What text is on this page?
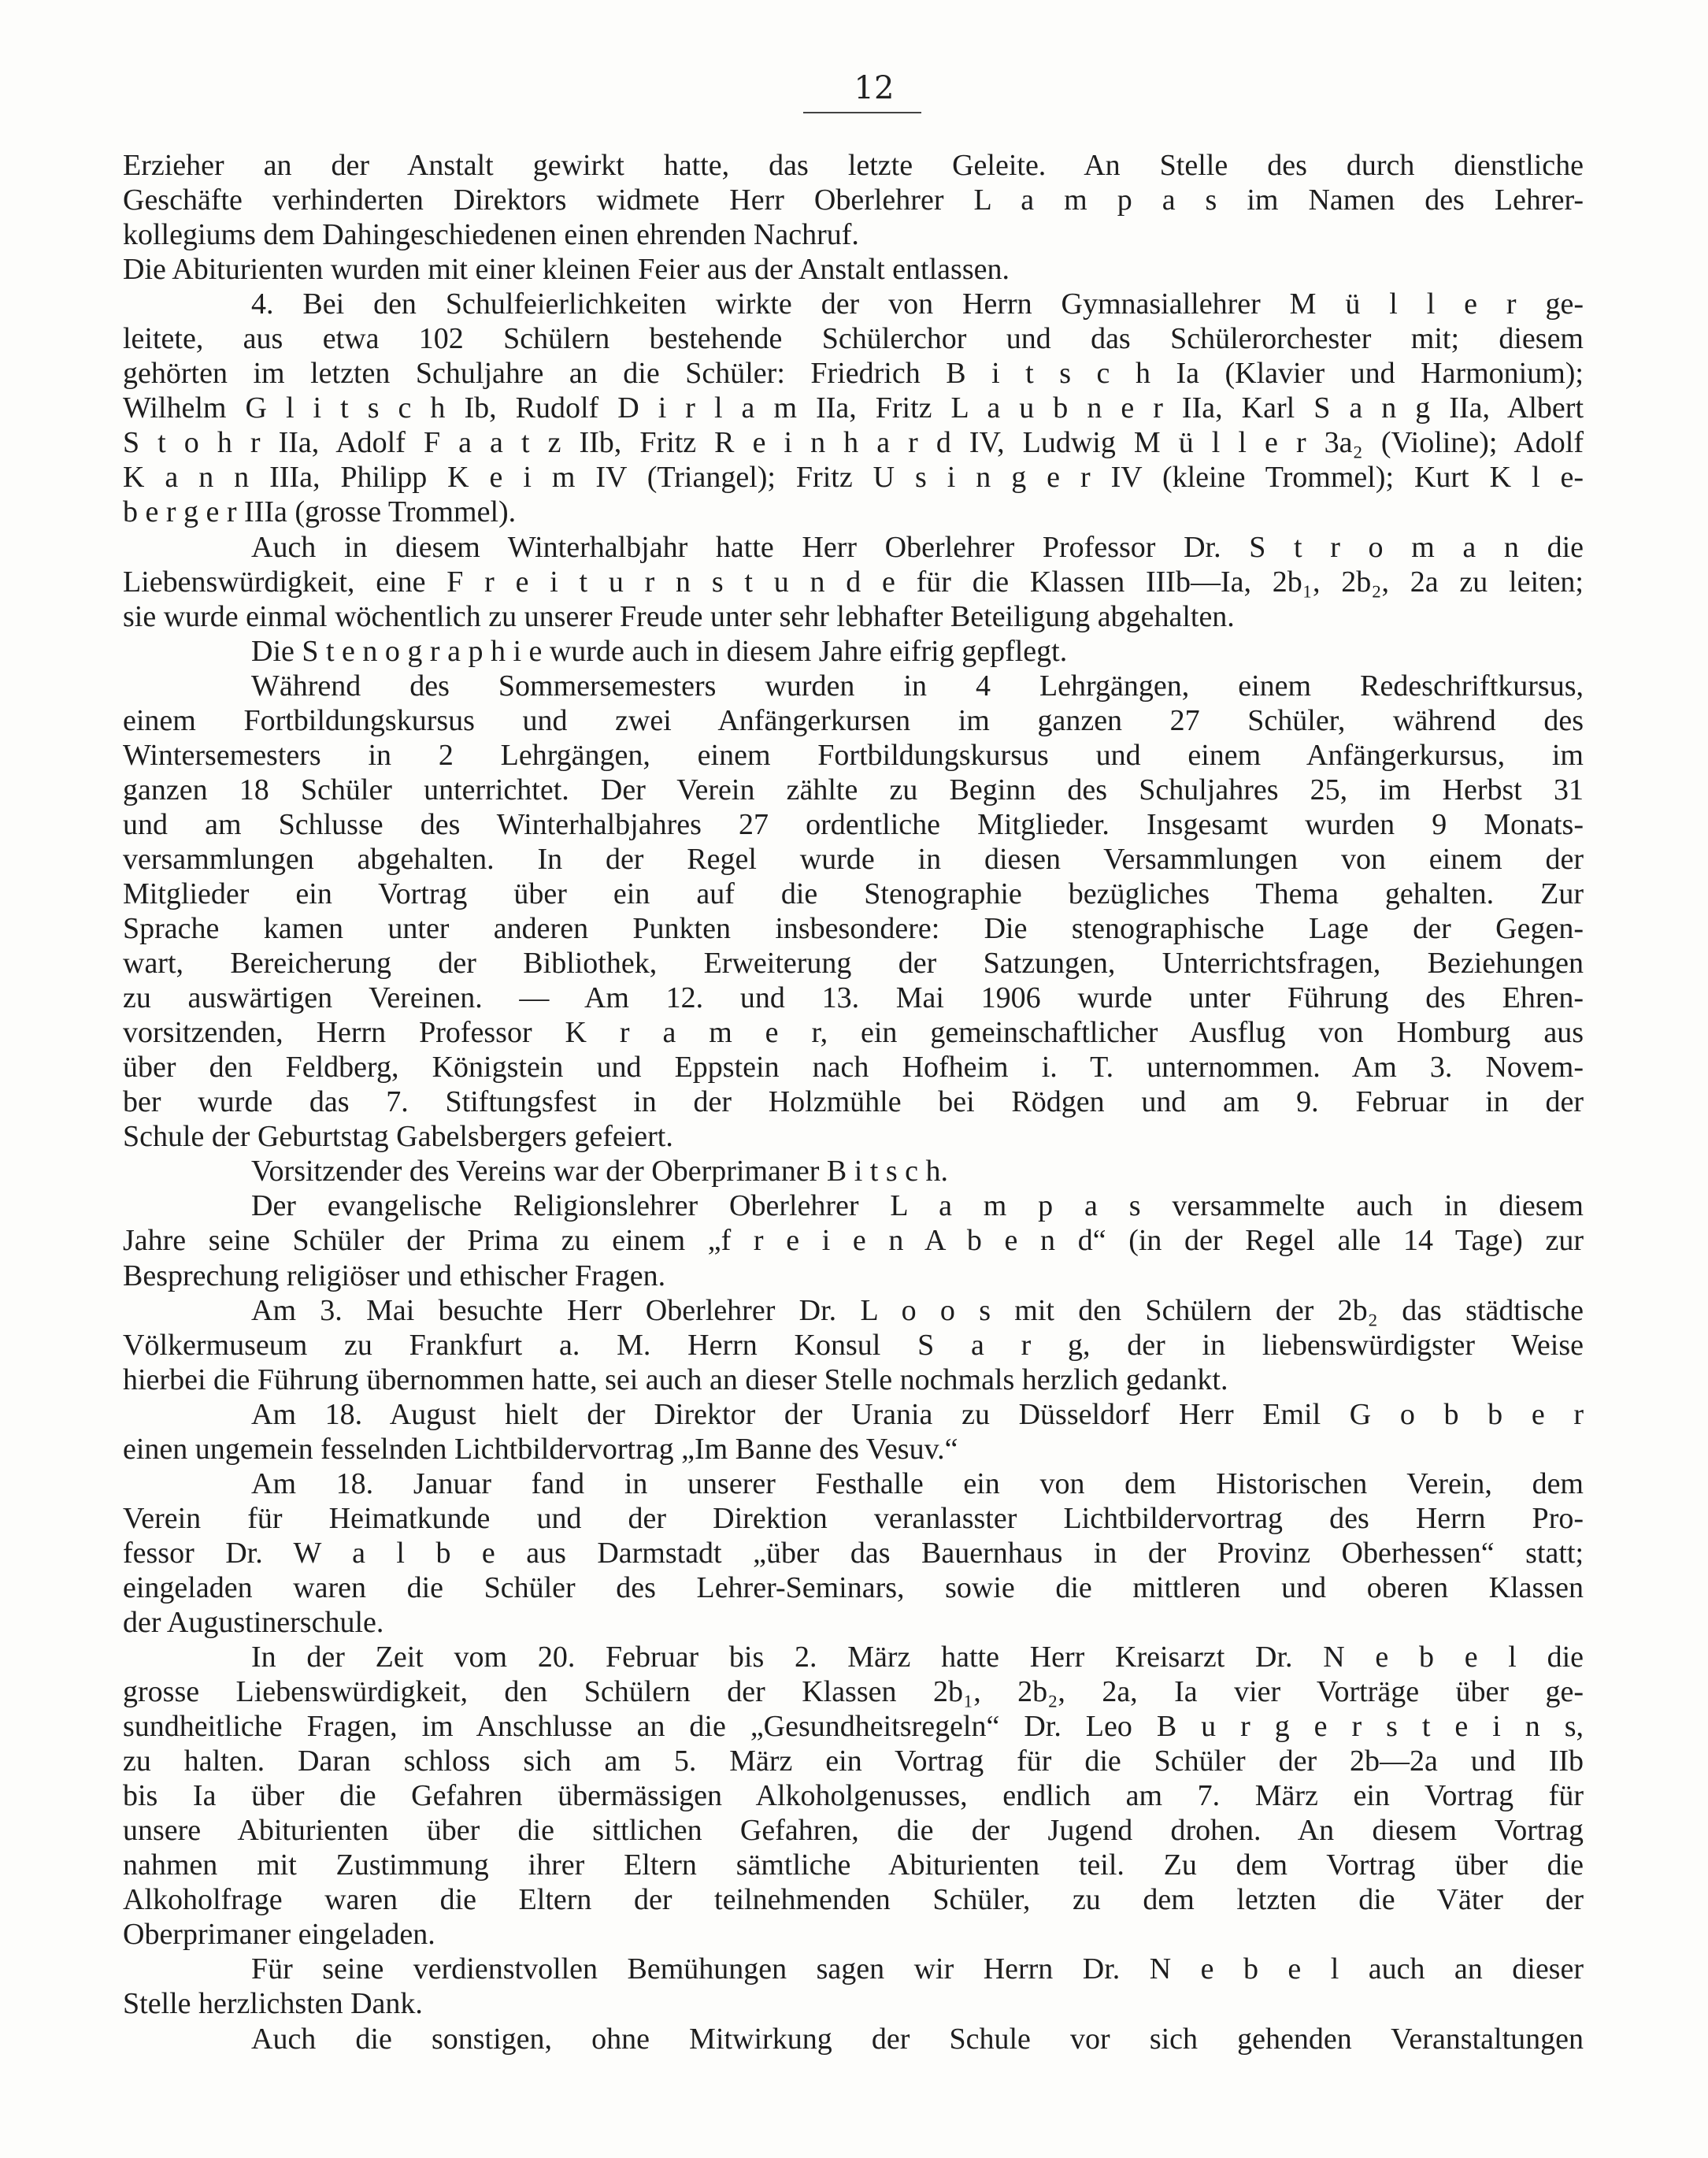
12
Erzieher an der Anstalt gewirkt hatte, das letzte Geleite. An Stelle des durch dienstliche
Geschäfte verhinderten Direktors widmete Herr Oberlehrer L a m p a s im Namen des Lehrer-
kollegiums dem Dahingeschiedenen einen ehrenden Nachruf.
Die Abiturienten wurden mit einer kleinen Feier aus der Anstalt entlassen.
4. Bei den Schulfeierlichkeiten wirkte der von Herrn Gymnasiallehrer M ü l l e r ge-
leitete, aus etwa 102 Schülern bestehende Schülerchor und das Schülerorchester mit; diesem
gehörten im letzten Schuljahre an die Schüler: Friedrich B i t s c h Ia (Klavier und Harmonium);
Wilhelm G l i t s c h Ib, Rudolf D i r l a m IIa, Fritz L a u b n e r IIa, Karl S a n g IIa, Albert
S t o h r IIa, Adolf F a a t z IIb, Fritz R e i n h a r d IV, Ludwig M ü l l e r 3a₂ (Violine); Adolf
K a n n IIIa, Philipp K e i m IV (Triangel); Fritz U s i n g e r IV (kleine Trommel); Kurt K l e-
b e r g e r IIIa (grosse Trommel).
Auch in diesem Winterhalbjahr hatte Herr Oberlehrer Professor Dr. S t r o m a n die
Liebenswürdigkeit, eine F r e i t u r n s t u n d e für die Klassen IIIb—Ia, 2b₁, 2b₂, 2a zu leiten;
sie wurde einmal wöchentlich zu unserer Freude unter sehr lebhafter Beteiligung abgehalten.
Die S t e n o g r a p h i e wurde auch in diesem Jahre eifrig gepflegt.
Während des Sommersemesters wurden in 4 Lehrgängen, einem Redeschriftkursus,
einem Fortbildungskursus und zwei Anfängerkursen im ganzen 27 Schüler, während des
Wintersemesters in 2 Lehrgängen, einem Fortbildungskursus und einem Anfängerkursus, im
ganzen 18 Schüler unterrichtet. Der Verein zählte zu Beginn des Schuljahres 25, im Herbst 31
und am Schlusse des Winterhalbjahres 27 ordentliche Mitglieder. Insgesamt wurden 9 Monats-
versammlungen abgehalten. In der Regel wurde in diesen Versammlungen von einem der
Mitglieder ein Vortrag über ein auf die Stenographie bezügliches Thema gehalten. Zur
Sprache kamen unter anderen Punkten insbesondere: Die stenographische Lage der Gegen-
wart, Bereicherung der Bibliothek, Erweiterung der Satzungen, Unterrichtsfragen, Beziehungen
zu auswärtigen Vereinen. — Am 12. und 13. Mai 1906 wurde unter Führung des Ehren-
vorsitzenden, Herrn Professor K r a m e r, ein gemeinschaftlicher Ausflug von Homburg aus
über den Feldberg, Königstein und Eppstein nach Hofheim i. T. unternommen. Am 3. Novem-
ber wurde das 7. Stiftungsfest in der Holzmühle bei Rödgen und am 9. Februar in der
Schule der Geburtstag Gabelsbergers gefeiert.
Vorsitzender des Vereins war der Oberprimaner B i t s c h.
Der evangelische Religionslehrer Oberlehrer L a m p a s versammelte auch in diesem
Jahre seine Schüler der Prima zu einem „f r e i e n A b e n d“ (in der Regel alle 14 Tage) zur
Besprechung religiöser und ethischer Fragen.
Am 3. Mai besuchte Herr Oberlehrer Dr. L o o s mit den Schülern der 2b₂ das städtische
Völkermuseum zu Frankfurt a. M. Herrn Konsul S a r g, der in liebenswürdigster Weise
hierbei die Führung übernommen hatte, sei auch an dieser Stelle nochmals herzlich gedankt.
Am 18. August hielt der Direktor der Urania zu Düsseldorf Herr Emil G o b b e r
einen ungemein fesselnden Lichtbildervortrag „Im Banne des Vesuv.“
Am 18. Januar fand in unserer Festhalle ein von dem Historischen Verein, dem
Verein für Heimatkunde und der Direktion veranlasster Lichtbildervortrag des Herrn Pro-
fessor Dr. W a l b e aus Darmstadt „über das Bauernhaus in der Provinz Oberhessen“ statt;
eingeladen waren die Schüler des Lehrer-Seminars, sowie die mittleren und oberen Klassen
der Augustinerschule.
In der Zeit vom 20. Februar bis 2. März hatte Herr Kreisarzt Dr. N e b e l die
grosse Liebenswürdigkeit, den Schülern der Klassen 2b₁, 2b₂, 2a, Ia vier Vorträge über ge-
sundheitliche Fragen, im Anschlusse an die „Gesundheitsregeln“ Dr. Leo B u r g e r s t e i n s,
zu halten. Daran schloss sich am 5. März ein Vortrag für die Schüler der 2b—2a und IIb
bis Ia über die Gefahren übermässigen Alkoholgenusses, endlich am 7. März ein Vortrag für
unsere Abiturienten über die sittlichen Gefahren, die der Jugend drohen. An diesem Vortrag
nahmen mit Zustimmung ihrer Eltern sämtliche Abiturienten teil. Zu dem Vortrag über die
Alkoholfrage waren die Eltern der teilnehmenden Schüler, zu dem letzten die Väter der
Oberprimaner eingeladen.
Für seine verdienstvollen Bemühungen sagen wir Herrn Dr. N e b e l auch an dieser
Stelle herzlichsten Dank.
Auch die sonstigen, ohne Mitwirkung der Schule vor sich gehenden Veranstaltungen
